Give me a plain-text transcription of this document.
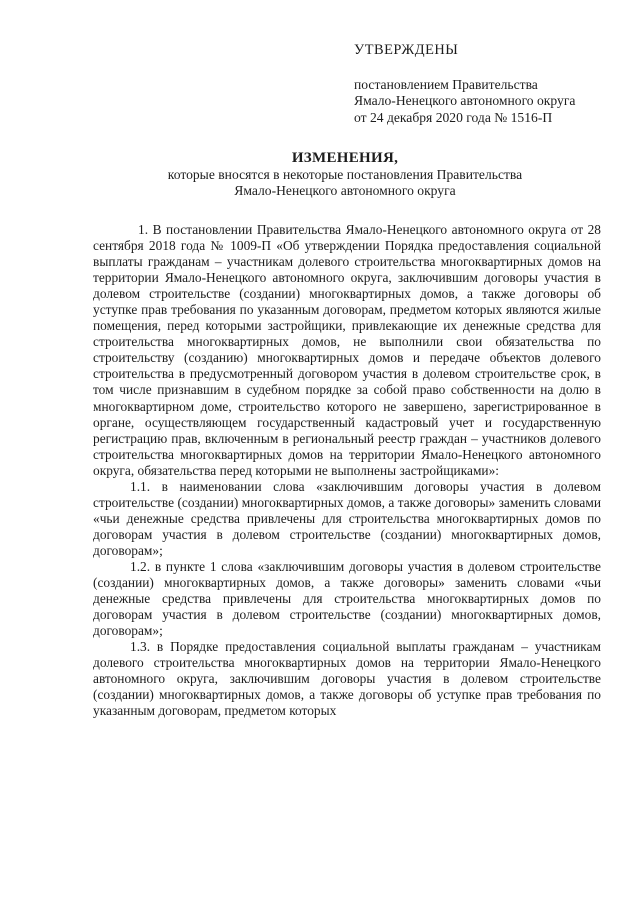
УТВЕРЖДЕНЫ
постановлением Правительства
Ямало-Ненецкого автономного округа
от 24 декабря 2020 года № 1516-П
ИЗМЕНЕНИЯ,
которые вносятся в некоторые постановления Правительства
Ямало-Ненецкого автономного округа

1. В постановлении Правительства Ямало-Ненецкого автономного округа от 28 сентября 2018 года № 1009-П «Об утверждении Порядка предоставления социальной выплаты гражданам – участникам долевого строительства многоквартирных домов на территории Ямало-Ненецкого автономного округа, заключившим договоры участия в долевом строительстве (создании) многоквартирных домов, а также договоры об уступке прав требования по указанным договорам, предметом которых являются жилые помещения, перед которыми застройщики, привлекающие их денежные средства для строительства многоквартирных домов, не выполнили свои обязательства по строительству (созданию) многоквартирных домов и передаче объектов долевого строительства в предусмотренный договором участия в долевом строительстве срок, в том числе признавшим в судебном порядке за собой право собственности на долю в многоквартирном доме, строительство которого не завершено, зарегистрированное в органе, осуществляющем государственный кадастровый учет и государственную регистрацию прав, включенным в региональный реестр граждан – участников долевого строительства многоквартирных домов на территории Ямало-Ненецкого автономного округа, обязательства перед которыми не выполнены застройщиками»:

1.1. в наименовании слова «заключившим договоры участия в долевом строительстве (создании) многоквартирных домов, а также договоры» заменить словами «чьи денежные средства привлечены для строительства многоквартирных домов по договорам участия в долевом строительстве (создании) многоквартирных домов, договорам»;

1.2. в пункте 1 слова «заключившим договоры участия в долевом строительстве (создании) многоквартирных домов, а также договоры» заменить словами «чьи денежные средства привлечены для строительства многоквартирных домов по договорам участия в долевом строительстве (создании) многоквартирных домов, договорам»;

1.3. в Порядке предоставления социальной выплаты гражданам – участникам долевого строительства многоквартирных домов на территории Ямало-Ненецкого автономного округа, заключившим договоры участия в долевом строительстве (создании) многоквартирных домов, а также договоры об уступке прав требования по указанным договорам, предметом которых
